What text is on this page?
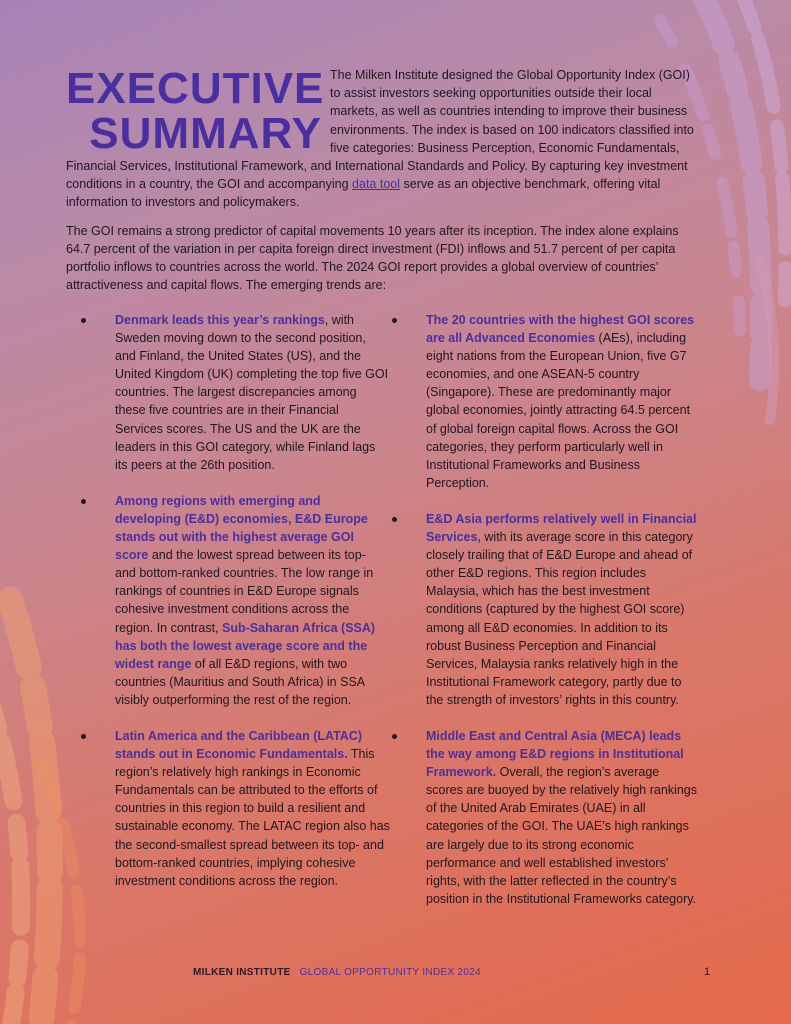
EXECUTIVE
SUMMARY

The Milken Institute designed the Global Opportunity Index (GOI) to assist investors seeking opportunities outside their local markets, as well as countries intending to improve their business environments. The index is based on 100 indicators classified into five categories: Business Perception, Economic Fundamentals, Financial Services, Institutional Framework, and International Standards and Policy. By capturing key investment conditions in a country, the GOI and accompanying data tool serve as an objective benchmark, offering vital information to investors and policymakers.

The GOI remains a strong predictor of capital movements 10 years after its inception. The index alone explains 64.7 percent of the variation in per capita foreign direct investment (FDI) inflows and 51.7 percent of per capita portfolio inflows to countries across the world. The 2024 GOI report provides a global overview of countries’ attractiveness and capital flows. The emerging trends are:

Denmark leads this year’s rankings, with Sweden moving down to the second position, and Finland, the United States (US), and the United Kingdom (UK) completing the top five GOI countries. The largest discrepancies among these five countries are in their Financial Services scores. The US and the UK are the leaders in this GOI category, while Finland lags its peers at the 26th position.
Among regions with emerging and developing (E&D) economies, E&D Europe stands out with the highest average GOI score and the lowest spread between its top- and bottom-ranked countries. The low range in rankings of countries in E&D Europe signals cohesive investment conditions across the region. In contrast, Sub-Saharan Africa (SSA) has both the lowest average score and the widest range of all E&D regions, with two countries (Mauritius and South Africa) in SSA visibly outperforming the rest of the region.
Latin America and the Caribbean (LATAC) stands out in Economic Fundamentals. This region’s relatively high rankings in Economic Fundamentals can be attributed to the efforts of countries in this region to build a resilient and sustainable economy. The LATAC region also has the second-smallest spread between its top- and bottom-ranked countries, implying cohesive investment conditions across the region.
The 20 countries with the highest GOI scores are all Advanced Economies (AEs), including eight nations from the European Union, five G7 economies, and one ASEAN-5 country (Singapore). These are predominantly major global economies, jointly attracting 64.5 percent of global foreign capital flows. Across the GOI categories, they perform particularly well in Institutional Frameworks and Business Perception.
E&D Asia performs relatively well in Financial Services, with its average score in this category closely trailing that of E&D Europe and ahead of other E&D regions. This region includes Malaysia, which has the best investment conditions (captured by the highest GOI score) among all E&D economies. In addition to its robust Business Perception and Financial Services, Malaysia ranks relatively high in the Institutional Framework category, partly due to the strength of investors’ rights in this country.
Middle East and Central Asia (MECA) leads the way among E&D regions in Institutional Framework. Overall, the region’s average scores are buoyed by the relatively high rankings of the United Arab Emirates (UAE) in all categories of the GOI. The UAE’s high rankings are largely due to its strong economic performance and well established investors’ rights, with the latter reflected in the country’s position in the Institutional Frameworks category.
MILKEN INSTITUTE GLOBAL OPPORTUNITY INDEX 2024	1
